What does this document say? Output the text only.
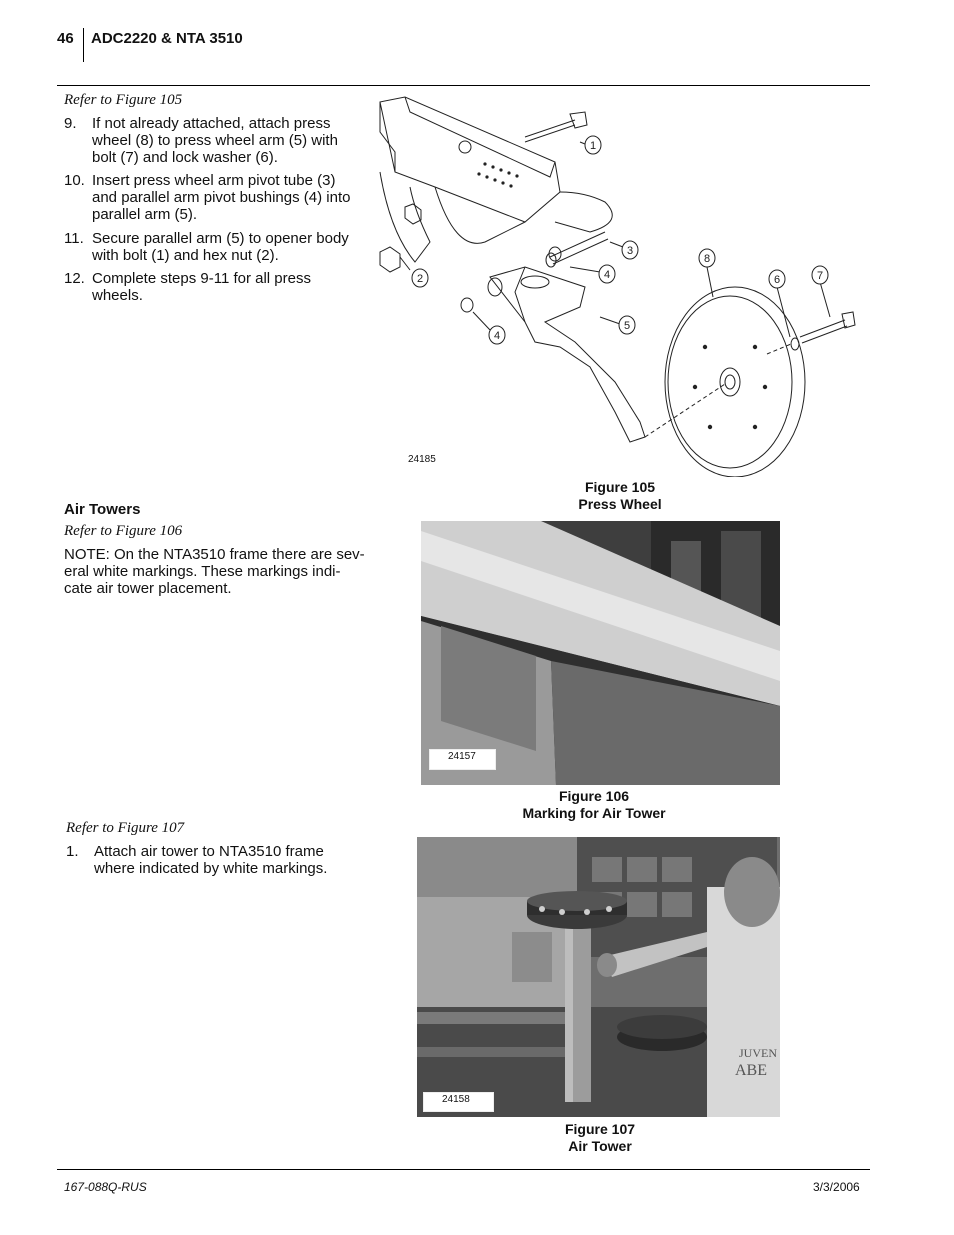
46 ADC2220 & NTA 3510
Refer to Figure 105
9. If not already attached, attach press
wheel (8) to press wheel arm (5) with
bolt (7) and lock washer (6).
10. Insert press wheel arm pivot tube (3)
and parallel arm pivot bushings (4) into
parallel arm (5).
11. Secure parallel arm (5) to opener body
with bolt (1) and hex nut (2).
12. Complete steps 9-11 for all press
wheels.
1
2
3
4
4
5
6	7
8
24185
Figure 105
Press Wheel
Air Towers
Refer to Figure 106
NOTE: On the NTA3510 frame there are sev-
eral white markings. These markings indi-
cate air tower placement.
24157
Figure 106
Marking for Air Tower
Refer to Figure 107
1. Attach air tower to NTA3510 frame
where indicated by white markings.
JUVEN
ABE
24158
Figure 107
Air Tower
167-088Q-RUS	3/3/2006
